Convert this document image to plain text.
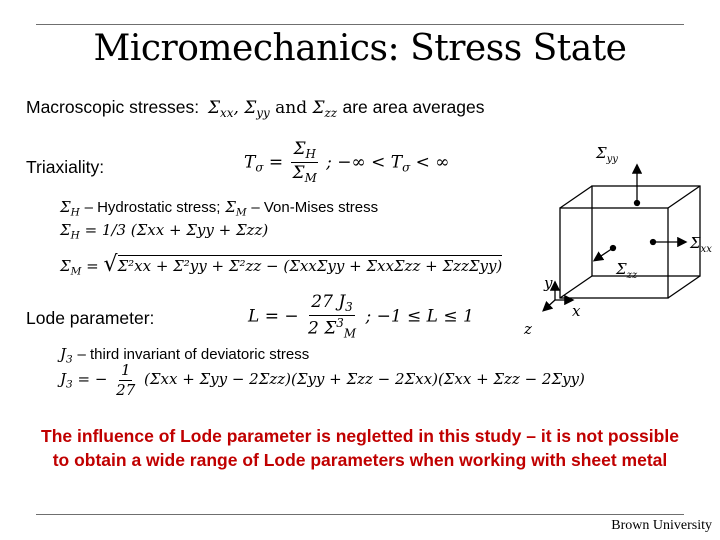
Micromechanics: Stress State
Macroscopic stresses: $\Sigma_{xx}$, $\Sigma_{yy}$ and $\Sigma_{zz}$ are area averages
Triaxiality:	$T_\sigma = \frac{\Sigma_H}{\Sigma_M}$ ; −∞ < $T_\sigma$ < ∞
$\Sigma_H$ – Hydrostatic stress; $\Sigma_M$ – Von-Mises stress
$\Sigma_H = 1/3$ (Σxx + Σyy + Σzz)
$\Sigma_M = √\Sigma^2xx + \Sigma^2yy + \Sigma^2zz - (\Sigma xx\Sigma yy + \Sigma xx\Sigma zz + \Sigma zz\Sigma yy)$
Lode parameter:	L = − $\frac{27 J_3}{2 \Sigma^3_M}$ ; −1 ≤ L ≤ 1
$J_3$ – third invariant of deviatoric stress
$J_3$ = − $\frac{1}{27} (\Sigma xx + \Sigma yy - 2\Sigma zz)(\Sigma yy + \Sigma zz - 2\Sigma xx)(\Sigma xx + \Sigma zz - 2\Sigma yy)$
$\Sigma_{yy}$
$\Sigma_{xx}$
$\Sigma_{zz}$
y
x
z
The influence of Lode parameter is negletted in this study – it is not possible to obtain a wide range of Lode parameters when working with sheet metal
Brown University
